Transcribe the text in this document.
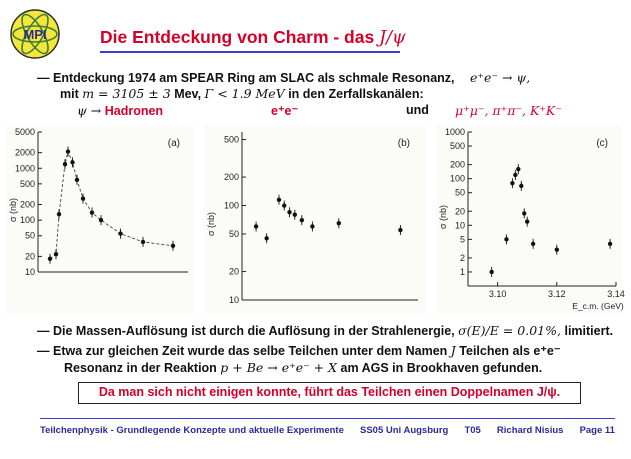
MPI	Die Entdeckung von Charm - das J/ψ
— Entdeckung 1974 am SPEAR Ring am SLAC als schmale Resonanz, e⁺e⁻ → ψ,
mit m = 3105 ± 3 Mev, Γ < 1.9 MeV in den Zerfallskanälen:
ψ → Hadronen	e⁺e⁻	und μ⁺μ⁻, π⁺π⁻, K⁺K⁻
5000
2000
1000
500
200
100
50
20
10
(a)
σ (nb)
500
200
100
50
20
10
(b)
σ (nb)
1000
500
200
100
50
20
10
5
2
1
3.10	3.12	3.14
E_c.m. (GeV)
(c)
σ (nb)
— Die Massen-Auflösung ist durch die Auflösung in der Strahlenergie, σ(E)/E = 0.01%, limitiert.
— Etwa zur gleichen Zeit wurde das selbe Teilchen unter dem Namen J Teilchen als e⁺e⁻
Resonanz in der Reaktion p + Be → e⁺e⁻ + X am AGS in Brookhaven gefunden.
Da man sich nicht einigen konnte, führt das Teilchen einen Doppelnamen J/ψ.
Teilchenphysik - Grundlegende Konzepte und aktuelle Experimente SS05 Uni Augsburg T05 Richard Nisius Page 11
